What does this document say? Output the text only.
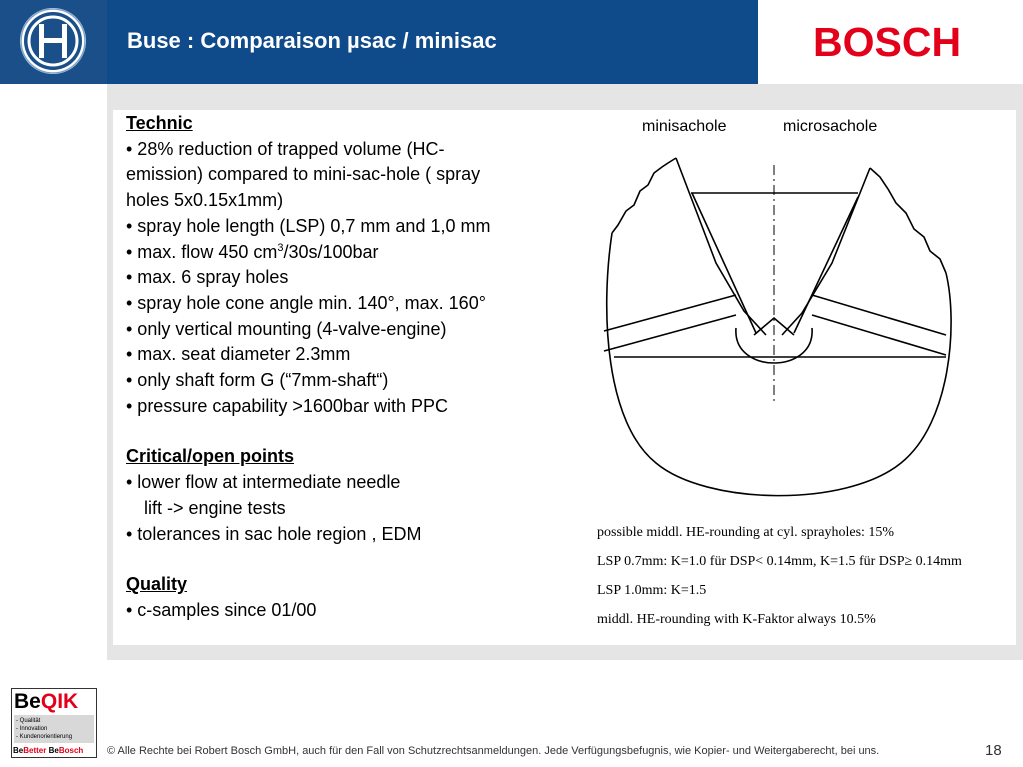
Buse : Comparaison µsac / minisac	BOSCH
Technic
• 28% reduction of trapped volume (HC-
emission) compared to mini-sac-hole ( spray
holes 5x0.15x1mm)
• spray hole length (LSP) 0,7 mm and 1,0 mm
• max. flow 450 $cm^3/30s/100bar$
• max. 6 spray holes
• spray hole cone angle min. 140°, max. 160°
• only vertical mounting (4-valve-engine)
• max. seat diameter 2.3mm
• only shaft form G (“7mm-shaft“)
• pressure capability >1600bar with PPC
Critical/open points
• lower flow at intermediate needle
lift -> engine tests
• tolerances in sac hole region , EDM
Quality
• c-samples since 01/00
minisachole	microsachole
possible middl. HE-rounding at cyl. sprayholes: 15%
LSP 0.7mm: K=1.0 für DSP< 0.14mm, K=1.5 für DSP≥ 0.14mm
LSP 1.0mm: K=1.5
middl. HE-rounding with K-Faktor always 10.5%
BeQIK
- Qualität
- Innovation
- Kundenorientierung
BeBetter BeBosch © Alle Rechte bei Robert Bosch GmbH, auch für den Fall von Schutzrechtsanmeldungen. Jede Verfügungsbefugnis, wie Kopier- und Weitergaberecht, bei uns.	18
